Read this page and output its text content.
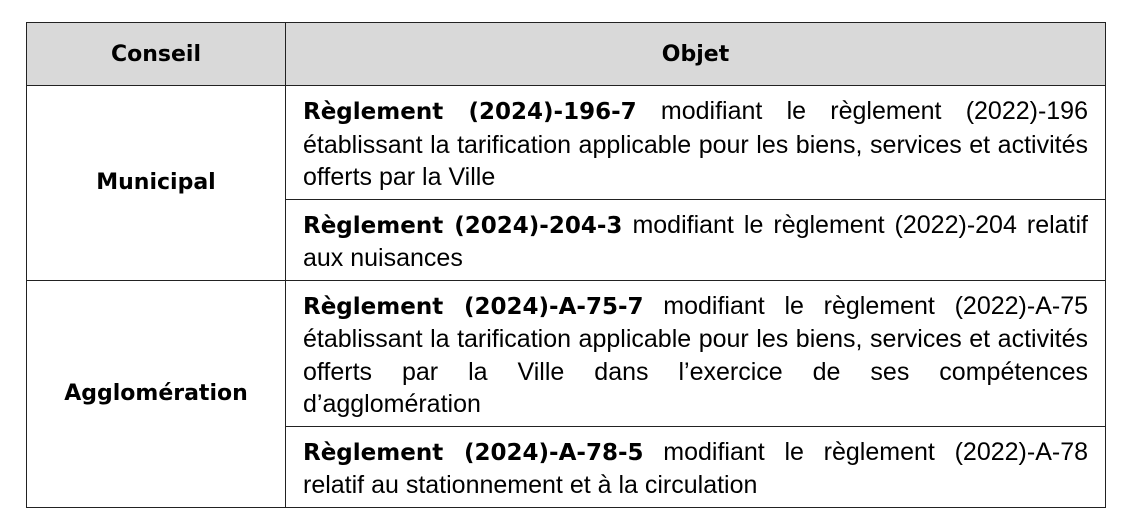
Conseil	Objet
Municipal	Règlement (2024)-196-7 modifiant le règlement (2022)-196 établissant la tarification applicable pour les biens, services et activités offerts par la Ville
	Règlement (2024)-204-3 modifiant le règlement (2022)-204 relatif aux nuisances
Agglomération	Règlement (2024)-A-75-7 modifiant le règlement (2022)-A-75 établissant la tarification applicable pour les biens, services et activités offerts par la Ville dans l’exercice de ses compétences d’agglomération
	Règlement (2024)-A-78-5 modifiant le règlement (2022)-A-78 relatif au stationnement et à la circulation
